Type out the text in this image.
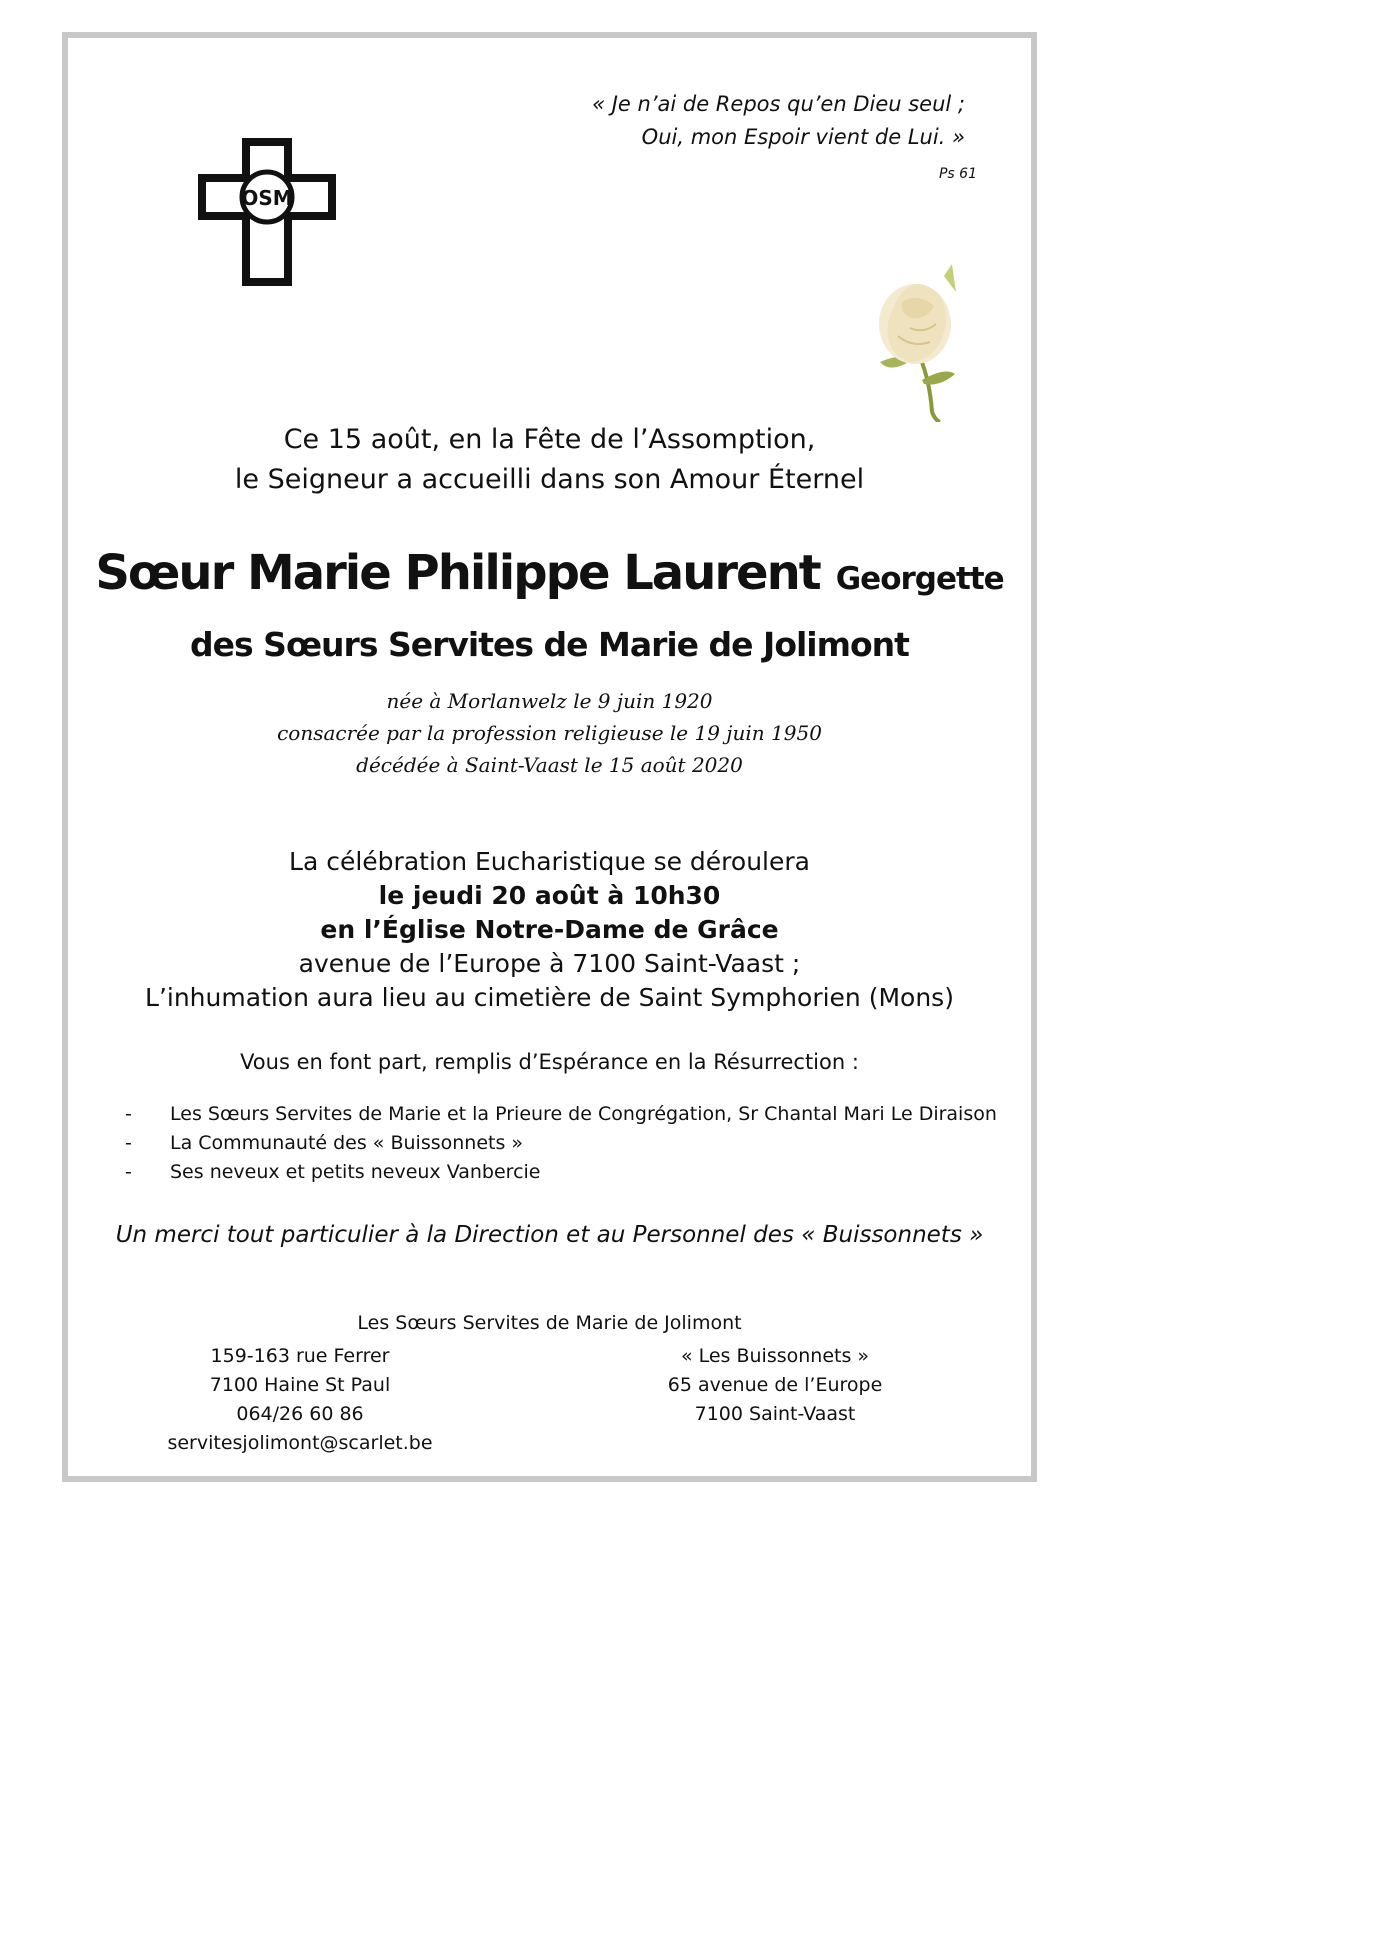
OSM
« Je n’ai de Repos qu’en Dieu seul ;
Oui, mon Espoir vient de Lui. »
Ps 61
Ce 15 août, en la Fête de l’Assomption,
le Seigneur a accueilli dans son Amour Éternel
Sœur Marie Philippe Laurent Georgette
des Sœurs Servites de Marie de Jolimont
née à Morlanwelz le 9 juin 1920
consacrée par la profession religieuse le 19 juin 1950
décédée à Saint-Vaast le 15 août 2020
La célébration Eucharistique se déroulera
le jeudi 20 août à 10h30
en l’Église Notre-Dame de Grâce
avenue de l’Europe à 7100 Saint-Vaast ;
L’inhumation aura lieu au cimetière de Saint Symphorien (Mons)
Vous en font part, remplis d’Espérance en la Résurrection :
-	Les Sœurs Servites de Marie et la Prieure de Congrégation, Sr Chantal Mari Le Diraison
-	La Communauté des « Buissonnets »
-	Ses neveux et petits neveux Vanbercie
Un merci tout particulier à la Direction et au Personnel des « Buissonnets »
Les Sœurs Servites de Marie de Jolimont
159-163 rue Ferrer
7100 Haine St Paul
064/26 60 86
servitesjolimont@scarlet.be
« Les Buissonnets »
65 avenue de l’Europe
7100 Saint-Vaast
